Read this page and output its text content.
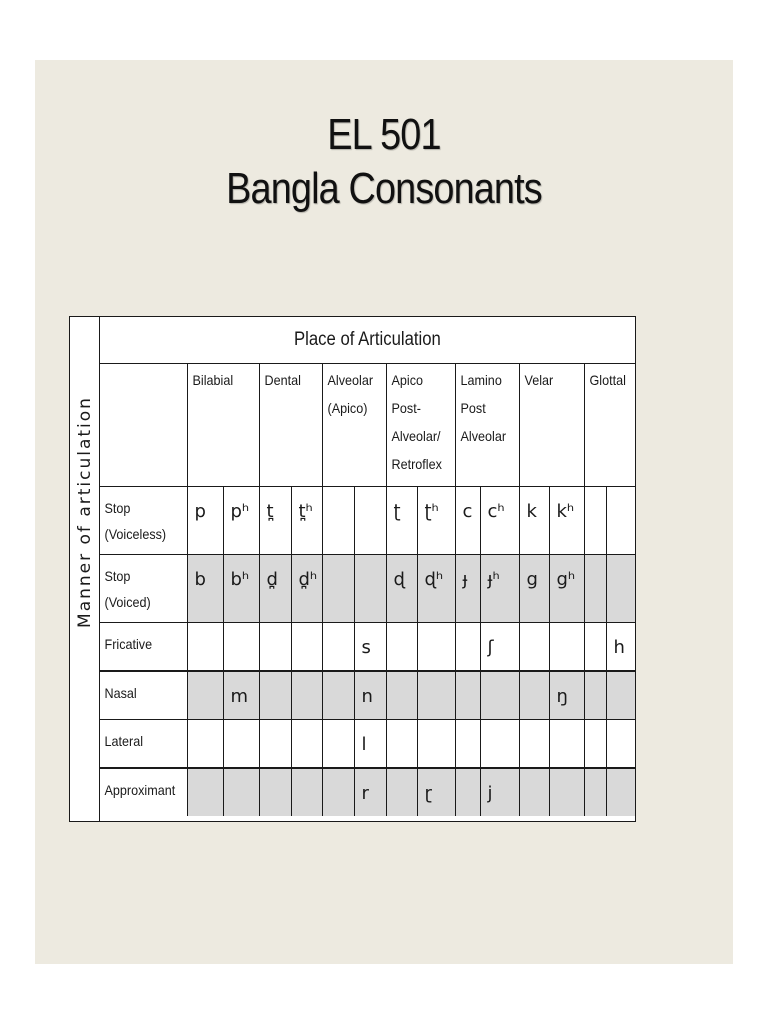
EL 501
Bangla Consonants
Manner of articulation
Place of Articulation														

	Bilabial		Dental		Alveolar
(Apico)		Apico
Post-
Alveolar/
Retroflex		Lamino
Post
Alveolar		Velar		Glottal	

Stop
(Voiceless)	p	pʰ	t̪	t̪ʰ			ʈ	ʈʰ	c	cʰ	k	kʰ		

Stop
(Voiced)	b	bʰ	d̪	d̪ʰ			ɖ	ɖʰ	ɟ	ɟʰ	g	gʰ		

Fricative						s				ʃ				h

Nasal		m				n						ŋ		

Lateral						l								

Approximant						r		ɽ		j				
